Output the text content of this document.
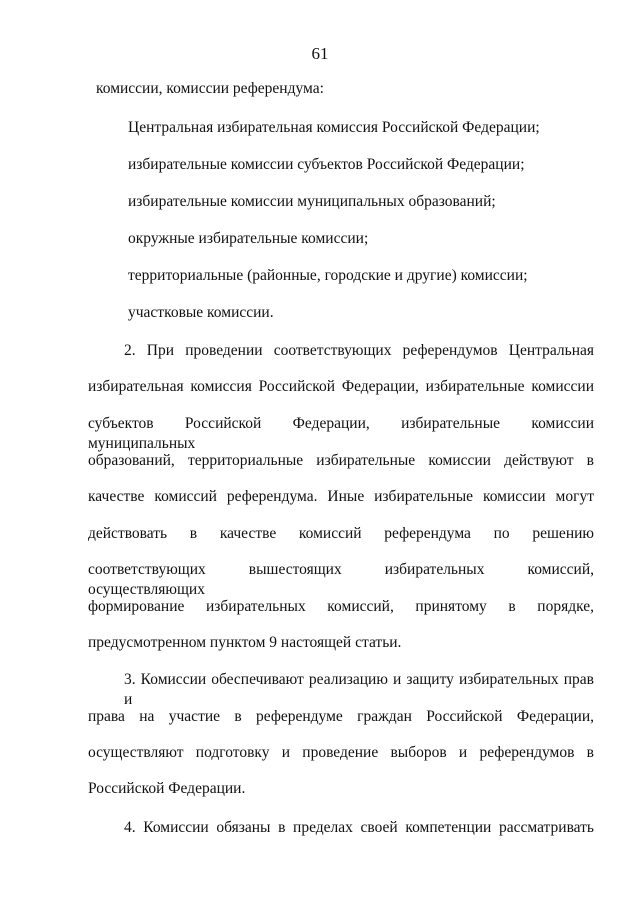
61
комиссии, комиссии референдума:
Центральная избирательная комиссия Российской Федерации;
избирательные комиссии субъектов Российской Федерации;
избирательные комиссии муниципальных образований;
окружные избирательные комиссии;
территориальные (районные, городские и другие) комиссии;
участковые комиссии.
2. При проведении соответствующих референдумов Центральная
избирательная комиссия Российской Федерации, избирательные комиссии
субъектов Российской Федерации, избирательные комиссии муниципальных
образований, территориальные избирательные комиссии действуют в
качестве комиссий референдума. Иные избирательные комиссии могут
действовать в качестве комиссий референдума по решению
соответствующих вышестоящих избирательных комиссий, осуществляющих
формирование избирательных комиссий, принятому в порядке,
предусмотренном пунктом 9 настоящей статьи.
3. Комиссии обеспечивают реализацию и защиту избирательных прав и
права на участие в референдуме граждан Российской Федерации,
осуществляют подготовку и проведение выборов и референдумов в
Российской Федерации.
4. Комиссии обязаны в пределах своей компетенции рассматривать
